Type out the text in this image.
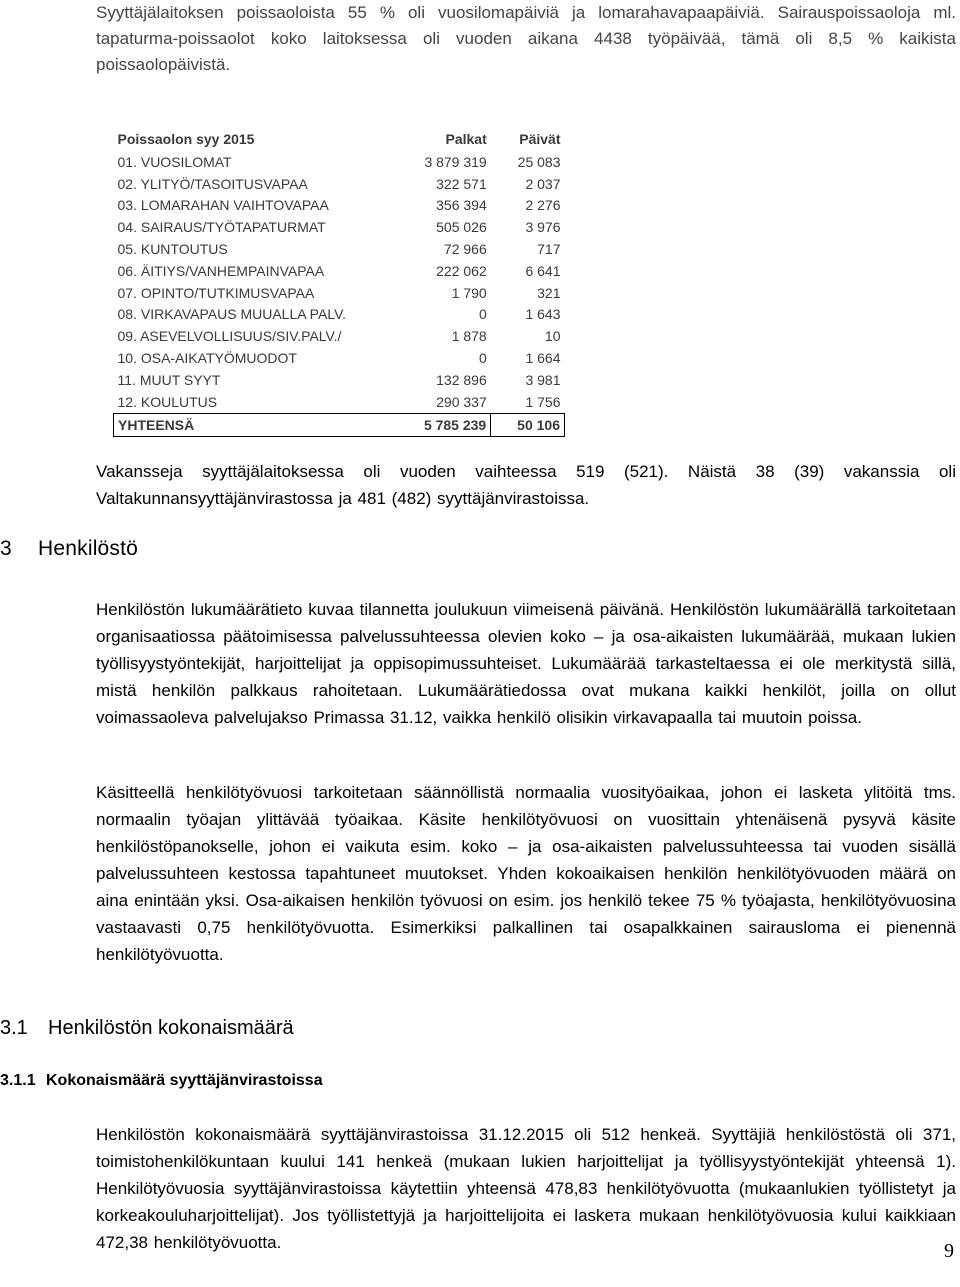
Syyttäjälaitoksen poissaoloista 55 % oli vuosilomapäiviä ja lomarahavapaapäiviä. Sairauspoissaoloja ml. tapaturma-poissaolot koko laitoksessa oli vuoden aikana 4438 työpäivää, tämä oli 8,5 % kaikista poissaolopäivistä.
Poissaolon syy 2015	Palkat	Päivät
01. VUOSILOMAT	3 879 319	25 083
02. YLITYÖ/TASOITUSVAPAA	322 571	2 037
03. LOMARAHAN VAIHTOVAPAA	356 394	2 276
04. SAIRAUS/TYÖTAPATURMAT	505 026	3 976
05. KUNTOUTUS	72 966	717
06. ÄITIYS/VANHEMPAINVAPAA	222 062	6 641
07. OPINTO/TUTKIMUSVAPAA	1 790	321
08. VIRKAVAPAUS MUUALLA PALV.	0	1 643
09. ASEVELVOLLISUUS/SIV.PALV./	1 878	10
10. OSA-AIKATYÖMUODOT	0	1 664
11. MUUT SYYT	132 896	3 981
12. KOULUTUS	290 337	1 756
YHTEENSÄ	5 785 239	50 106
Vakansseja syyttäjälaitoksessa oli vuoden vaihteessa 519 (521). Näistä 38 (39) vakanssia oli Valtakunnansyyttäjänvirastossa ja 481 (482) syyttäjänvirastoissa.
3 Henkilöstö
Henkilöstön lukumäärätieto kuvaa tilannetta joulukuun viimeisenä päivänä. Henkilöstön lukumäärällä tarkoitetaan organisaatiossa päätoimisessa palvelussuhteessa olevien koko – ja osa-aikaisten lukumäärää, mukaan lukien työllisyystyöntekijät, harjoittelijat ja oppisopimussuhteiset. Lukumäärää tarkasteltaessa ei ole merkitystä sillä, mistä henkilön palkkaus rahoitetaan. Lukumäärätiedossa ovat mukana kaikki henkilöt, joilla on ollut voimassaoleva palvelujakso Primassa 31.12, vaikka henkilö olisikin virkavapaalla tai muutoin poissa.
Käsitteellä henkilötyövuosi tarkoitetaan säännöllistä normaalia vuosityöaikaa, johon ei lasketa ylitöitä tms. normaalin työajan ylittävää työaikaa. Käsite henkilötyövuosi on vuosittain yhtenäisenä pysyvä käsite henkilöstöpanokselle, johon ei vaikuta esim. koko – ja osa-aikaisten palvelussuhteessa tai vuoden sisällä palvelussuhteen kestossa tapahtuneet muutokset. Yhden kokoaikaisen henkilön henkilötyövuoden määrä on aina enintään yksi. Osa-aikaisen henkilön työvuosi on esim. jos henkilö tekee 75 % työajasta, henkilötyövuosina vastaavasti 0,75 henkilötyövuotta. Esimerkiksi palkallinen tai osapalkkainen sairausloma ei pienennä henkilötyövuotta.
3.1 Henkilöstön kokonaismäärä
3.1.1 Kokonaismäärä syyttäjänvirastoissa
Henkilöstön kokonaismäärä syyttäjänvirastoissa 31.12.2015 oli 512 henkeä. Syyttäjiä henkilöstöstä oli 371, toimistohenkilökuntaan kuului 141 henkeä (mukaan lukien harjoittelijat ja työllisyystyöntekijät yhteensä 1). Henkilötyövuosia syyttäjänvirastoissa käytettiin yhteensä 478,83 henkilötyövuotta (mukaanlukien työllistetyt ja korkeakouluharjoittelijat). Jos työllistettyjä ja harjoittelijoita ei laskета mukaan henkilötyövuosia kului kaikkiaan 472,38 henkilötyövuotta.	9
